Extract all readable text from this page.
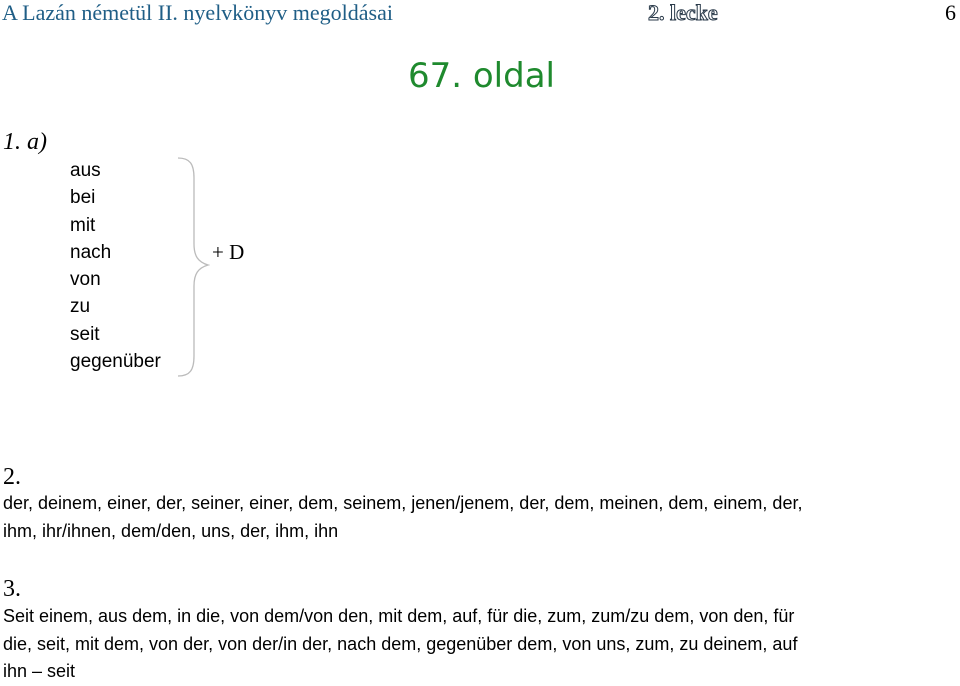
A Lazán németül II. nyelvkönyv megoldásai	2. lecke	6
67. oldal
1. a)
aus
bei
mit
nach
von
zu
seit
gegenüber
+ D
2.

der, deinem, einer, der, seiner, einer, dem, seinem, jenen/jenem, der, dem, meinen, dem, einem, der,

ihm, ihr/ihnen, dem/den, uns, der, ihm, ihn

3.

Seit einem, aus dem, in die, von dem/von den, mit dem, auf, für die, zum, zum/zu dem, von den, für

die, seit, mit dem, von der, von der/in der, nach dem, gegenüber dem, von uns, zum, zu deinem, auf

ihn – seit
